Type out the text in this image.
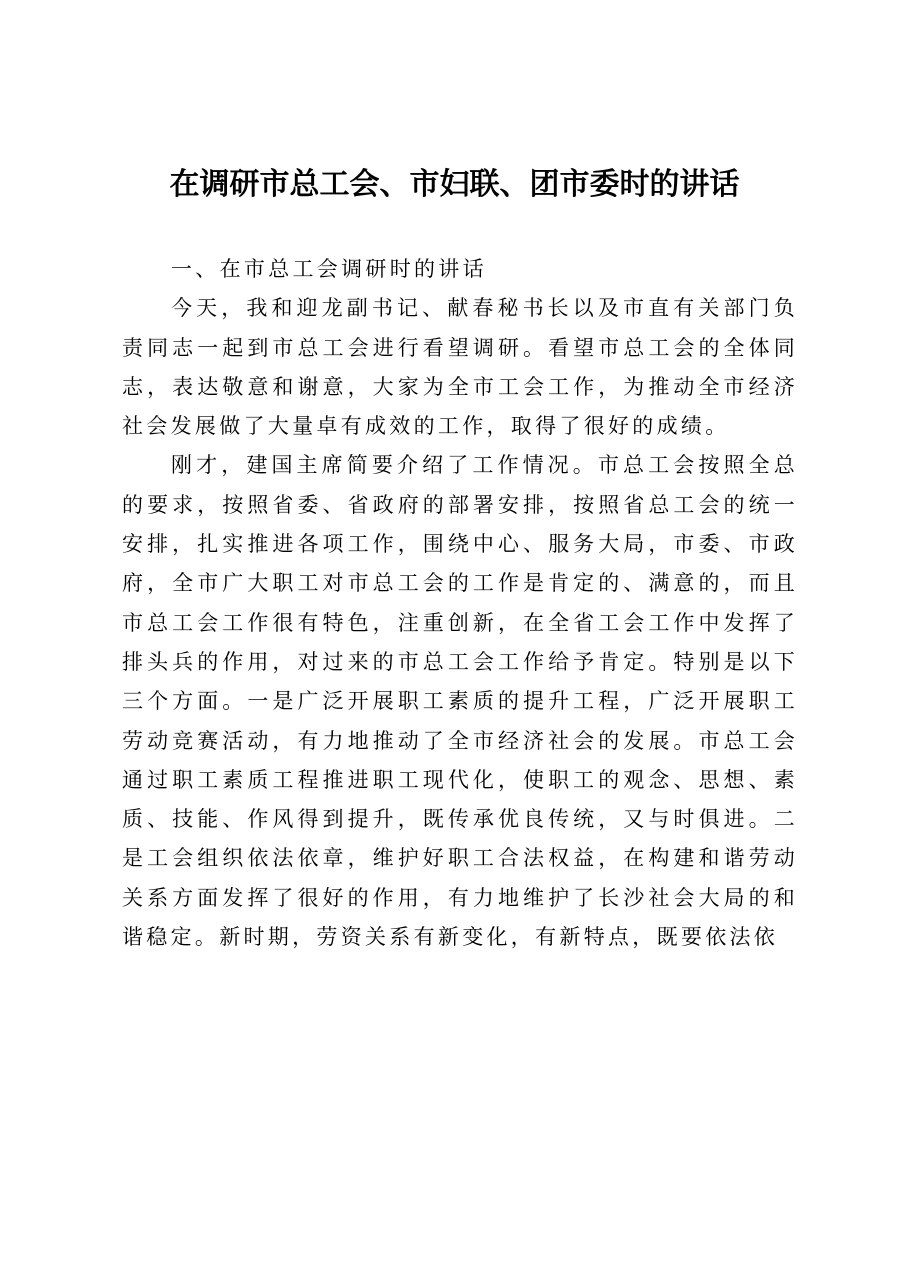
在调研市总工会、市妇联、团市委时的讲话

一、在市总工会调研时的讲话

今天，我和迎龙副书记、献春秘书长以及市直有关部门负责同志一起到市总工会进行看望调研。看望市总工会的全体同志，表达敬意和谢意，大家为全市工会工作，为推动全市经济社会发展做了大量卓有成效的工作，取得了很好的成绩。

刚才，建国主席简要介绍了工作情况。市总工会按照全总的要求，按照省委、省政府的部署安排，按照省总工会的统一安排，扎实推进各项工作，围绕中心、服务大局，市委、市政府，全市广大职工对市总工会的工作是肯定的、满意的，而且市总工会工作很有特色，注重创新，在全省工会工作中发挥了排头兵的作用，对过来的市总工会工作给予肯定。特别是以下三个方面。一是广泛开展职工素质的提升工程，广泛开展职工劳动竞赛活动，有力地推动了全市经济社会的发展。市总工会通过职工素质工程推进职工现代化，使职工的观念、思想、素质、技能、作风得到提升，既传承优良传统，又与时俱进。二是工会组织依法依章，维护好职工合法权益，在构建和谐劳动关系方面发挥了很好的作用，有力地维护了长沙社会大局的和谐稳定。新时期，劳资关系有新变化，有新特点，既要依法依
